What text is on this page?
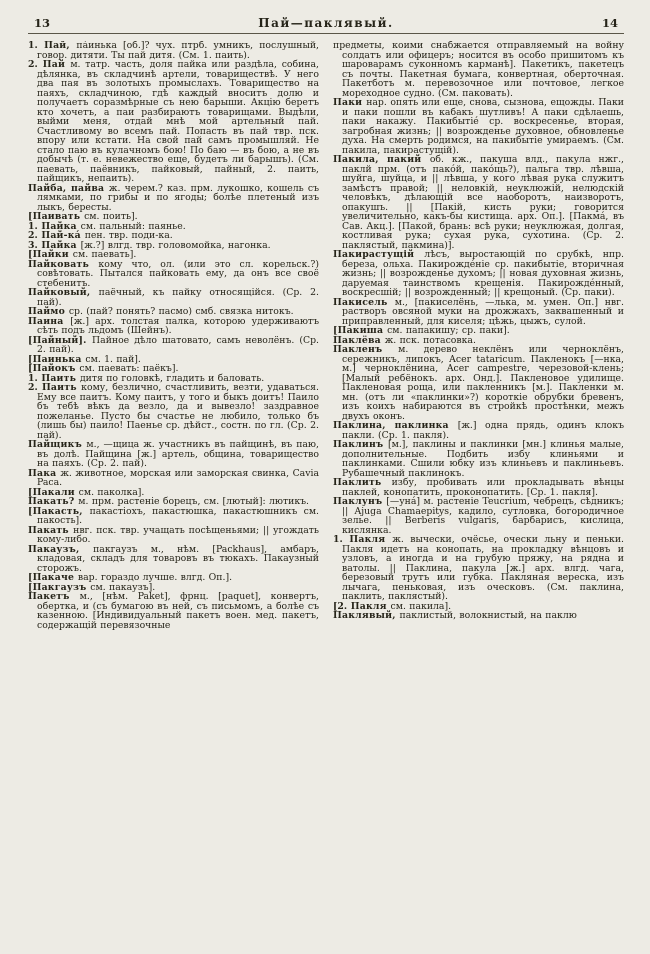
13	Пай—паклявый.	14

1. Пай, па́инька [об.]? чух. птрб. умникъ, послушный, говор. дитяти. Ты пай дитя. (См. 1. паить).

2. Пай м. татр. часть, доля пайка или раздѣла, собина, дѣлянка, въ складчинѣ артели, товариществѣ. У него два пая въ золотыхъ промыслахъ. Товарищество на паяхъ, складчиною, гдѣ каждый вноситъ долю и получаетъ соразмѣрные съ нею барыши. Акцію беретъ кто хочетъ, а паи разбираютъ товарищами. Выдѣли, выйми меня, отдай мнѣ мой артельный пай. Счастливому во всемъ пай. Попасть въ пай твр. пск. впору или кстати. На свой пай самъ промышляй. Не стало паю въ кулачномъ бою! По баю — въ бою, а не въ добычѣ (т. е. невежество еще, будетъ ли барышъ). (См. паевать, паёвникъ, пайковый, пайный, 2. паить, пайщикъ, непаить).

Пайба, пайва ж. черем.? каз. прм. лукошко, кошель съ лямками, по грибы и по ягоды; болѣе плетеный изъ лыкъ, бересты.

[Паивать см. поить].

1. Пайка см. пальный: паянье.

2. Пай-ка́ пен. твр. поди-ка.

3. Пайка [ж.?] влгд. твр. головомойка, нагонка.

[Пайки см. паевать].

Пайковать кому что, ол. (или это сл. корельск.?) совѣтовать. Пытался пайковать ему, да онъ все своё стебенитъ.

Пайковый, паёчный, къ пайку относящійся. (Ср. 2. пай).

Паймо ср. (пай? понять? пасмо) смб. связка нитокъ.

Паина [ж.] арх. толстая палка, которою удерживаютъ сѣть подъ льдомъ (Шейнъ).

[Пайный]. Пайное дѣло шатовато, самъ неволёнъ. (Ср. 2. пай).

[Паинька см. 1. пай].

[Пайокъ см. паевать: паёкъ].

1. Паить дитя по головкѣ, гладить и баловать.

2. Паить кому, безлично, счастливить, везти, удаваться. Ему все паитъ. Кому паитъ, у того и быкъ доитъ! Паило бъ тебѣ вѣкъ да везло, да и вывезло! заздравное пожеланье. Пусто бы счастье не любило, только бъ (лишь бы) паило! Паенье ср. дѣйст., состн. по гл. (Ср. 2. пай).

Пайщикъ м., —щица ж. участникъ въ пайщинѣ, въ паю, въ долѣ. Пайщина [ж.] артель, община, товарищество на паяхъ. (Ср. 2. пай).

Пака ж. животное, морская или заморская свинка, Cavia Paca.

[Пакали см. паколка].

Пакать? м. прм. растеніе борецъ, см. [лютый]: лютикъ.

[Пакасть, пакастіохъ, пакастюшка, пакастюшникъ см. пакость].

Пакать нвг. пск. твр. учащать посѣщеньями; || угождать кому-либо.

Пакаузъ, пакгаузъ м., нѣм. [Packhaus], амбаръ, кладовая, складъ для товаровъ въ тюкахъ. Пакаузный сторожъ.

[Пакаче вар. гораздо лучше. влгд. Оп.].

[Пакгаузъ см. пакаузъ].

Пакетъ м., [нѣм. Paket], фрнц. [paquet], конвертъ, обертка, и (съ бумагою въ ней, съ письмомъ, а болѣе съ казенною. [Индивидуальный пакетъ воен. мед. пакетъ, содержащій перевязочные

предметы, коими снабжается отправляемый на войну солдатъ или офицеръ; носится въ особо пришитомъ къ шароварамъ суконномъ карманѣ]. Пакетикъ, пакетецъ съ почты. Пакетная бумага, конвертная, оберточная. Пакетботъ м. перевозочное или почтовое, легкое мореходное судно. (См. паковать).

Паки нар. опять или еще, снова, сызнова, ещожды. Паки и паки пошли въ кабакъ шутливъ! А паки сдѣлаешь, паки накажу. Пакибытіе́ ср. воскресенье, вторая, загробная жизнь; || возрожденье духовное, обновленье духа. На смерть родимся, на пакибытіе умираемъ. (См. пакила, пакирастущій).

Пакила, пакий об. кж., пакуша влд., пакула нжг., паклй прм. (отъ пако́й, пако́щь?), пальга твр. лѣвша, шуйга, шуйца, и || лѣвша, у кого лѣвая рука служитъ замѣстъ правой; || неловкій, неуклюжій, нелюдскій человѣкъ, дѣлающій все наоборотъ, наизворотъ, опакушъ. || [Пакій, кисть руки; говорится увеличительно, какъ-бы кистища. арх. Оп.]. [Пакма́, въ Сав. Акц.]. [Пакой, брань: всѣ руки; неуклюжая, долгая, костливая рука; сухая рука, сухотина. (Ср. 2. паклястый, пакмина)].

Пакирастущій лѣсъ, выростающій по срубкѣ, нпр. береза, ольха. Пакирожде́ніе ср. пакибытіе, вторичная жизнь; || возрожденье духомъ; || новая духовная жизнь, даруемая таинствомъ крещенія. Пакирожде́нный, воскресшій; || возрожденный; || крещоный. (Ср. паки).

Пакисель м., [пакиселёнь, —лька, м. умен. Оп.] нвг. растворъ овсяной муки на дрожжахъ, заквашенный и приправленный, для киселя; цѣжь, цыжъ, сулой.

[Пакиша см. папакишу; ср. паки].

Паклёва ж. пск. потасовка.

Пакленъ м. дерево неклёнъ или черноклёнъ, сережникъ, липокъ, Acer tataricum. Пакленокъ [—нка, м.] черноклёнина, Acer campestre, черезовой-клень; [Малый ребёнокъ. арх. Онд.]. Пакленовое удилище. Пакленовая роща, или пакленникъ [м.]. Пакленки м. мн. (отъ ли «паклинки»?) короткіе обрубки бревенъ, изъ коихъ набираются въ стройкѣ простѣнки, межъ двухъ оконъ.

Паклина, паклинка [ж.] одна прядь, одинъ клокъ пакли. (Ср. 1. пакля).

Паклинъ [м.], паклины и паклинки [мн.] клинья малые, дополнительные. Подбить избу клиньями и паклинками. Сшили юбку изъ клиньевъ и паклиньевъ. Рубашечный паклинокъ.

Паклить избу, пробивать или прокладывать вѣнцы паклей, конопатить, проконопатить. [Ср. 1. пакля].

Паклунъ [—уна́] м. растеніе Teucrium, чебрецъ, сѣдникъ; || Ajuga Chamaepitys, кадило, сутловка, богородичное зелье. || Berberis vulgaris, барбарисъ, кислица, кислянка.

1. Пакля ж. вычески, очёсье, очески льну и пеньки. Пакля идетъ на конопать, на прокладку вѣнцовъ и узловъ, а иногда и на грубую пряжу, на рядна и ватолы. || Паклина, пакула [ж.] арх. влгд. чага, березовый трутъ или губка. Пакляная вереска, изъ лычага, пеньковая, изъ оческовъ. (См. паклина, паклить, паклястый).

[2. Пакля см. пакила].

Паклявый, паклистый, волокнистый, на паклю
